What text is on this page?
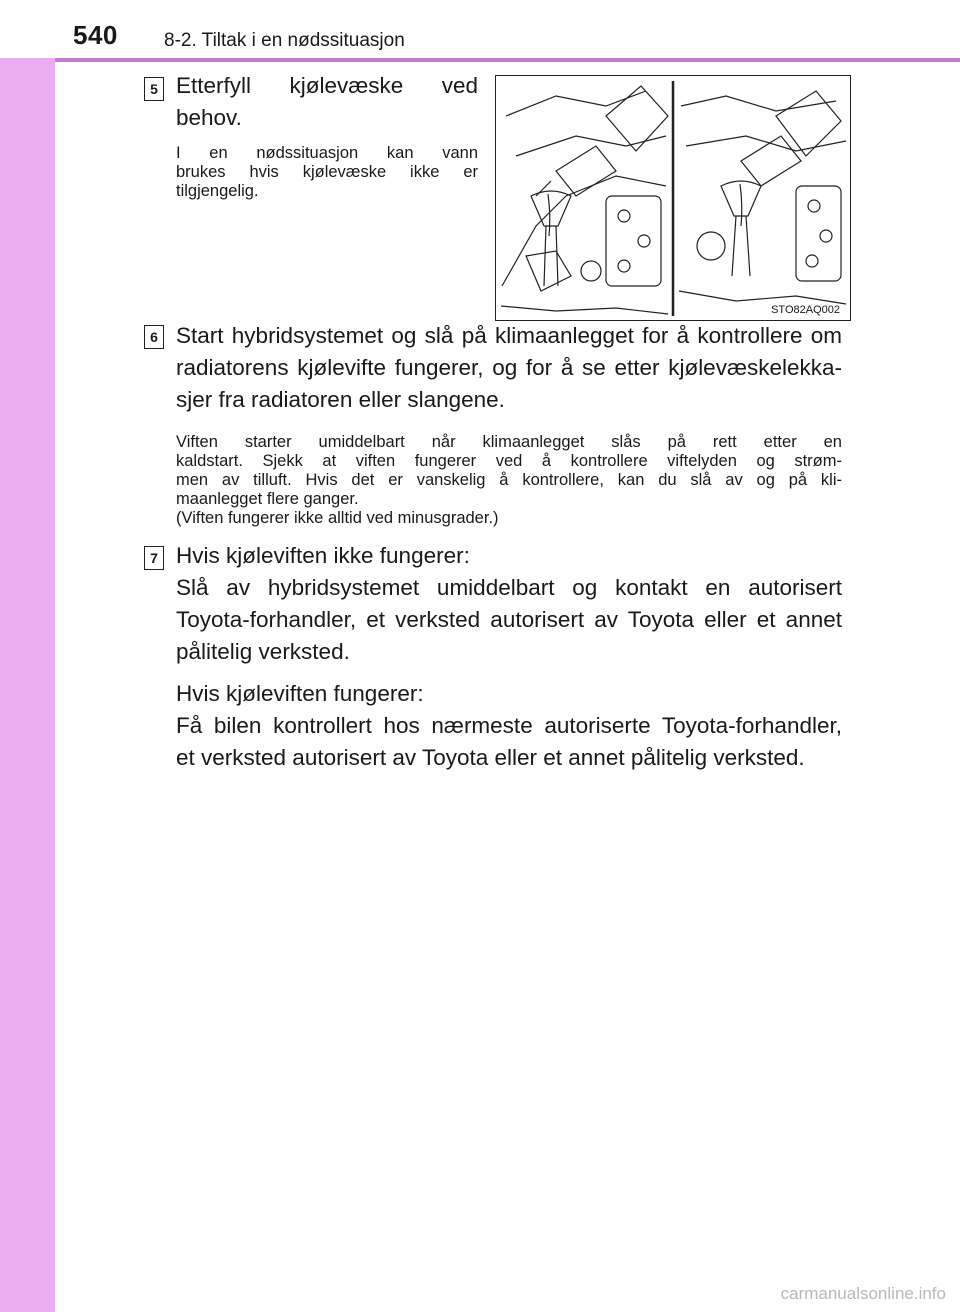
540 8-2. Tiltak i en nødssituasjon
5 Etterfyll kjølevæske ved
behov.
I en nødssituasjon kan vann
brukes hvis kjølevæske ikke er
tilgjengelig.
STO82AQ002
6 Start hybridsystemet og slå på klimaanlegget for å kontrollere om
radiatorens kjølevifte fungerer, og for å se etter kjølevæskelekka-
sjer fra radiatoren eller slangene.
Viften starter umiddelbart når klimaanlegget slås på rett etter en
kaldstart. Sjekk at viften fungerer ved å kontrollere viftelyden og strøm-
men av tilluft. Hvis det er vanskelig å kontrollere, kan du slå av og på kli-
maanlegget flere ganger.
(Viften fungerer ikke alltid ved minusgrader.)
7 Hvis kjøleviften ikke fungerer:
Slå av hybridsystemet umiddelbart og kontakt en autorisert
Toyota-forhandler, et verksted autorisert av Toyota eller et annet
pålitelig verksted.
Hvis kjøleviften fungerer:
Få bilen kontrollert hos nærmeste autoriserte Toyota-forhandler,
et verksted autorisert av Toyota eller et annet pålitelig verksted.
carmanualsonline.info
